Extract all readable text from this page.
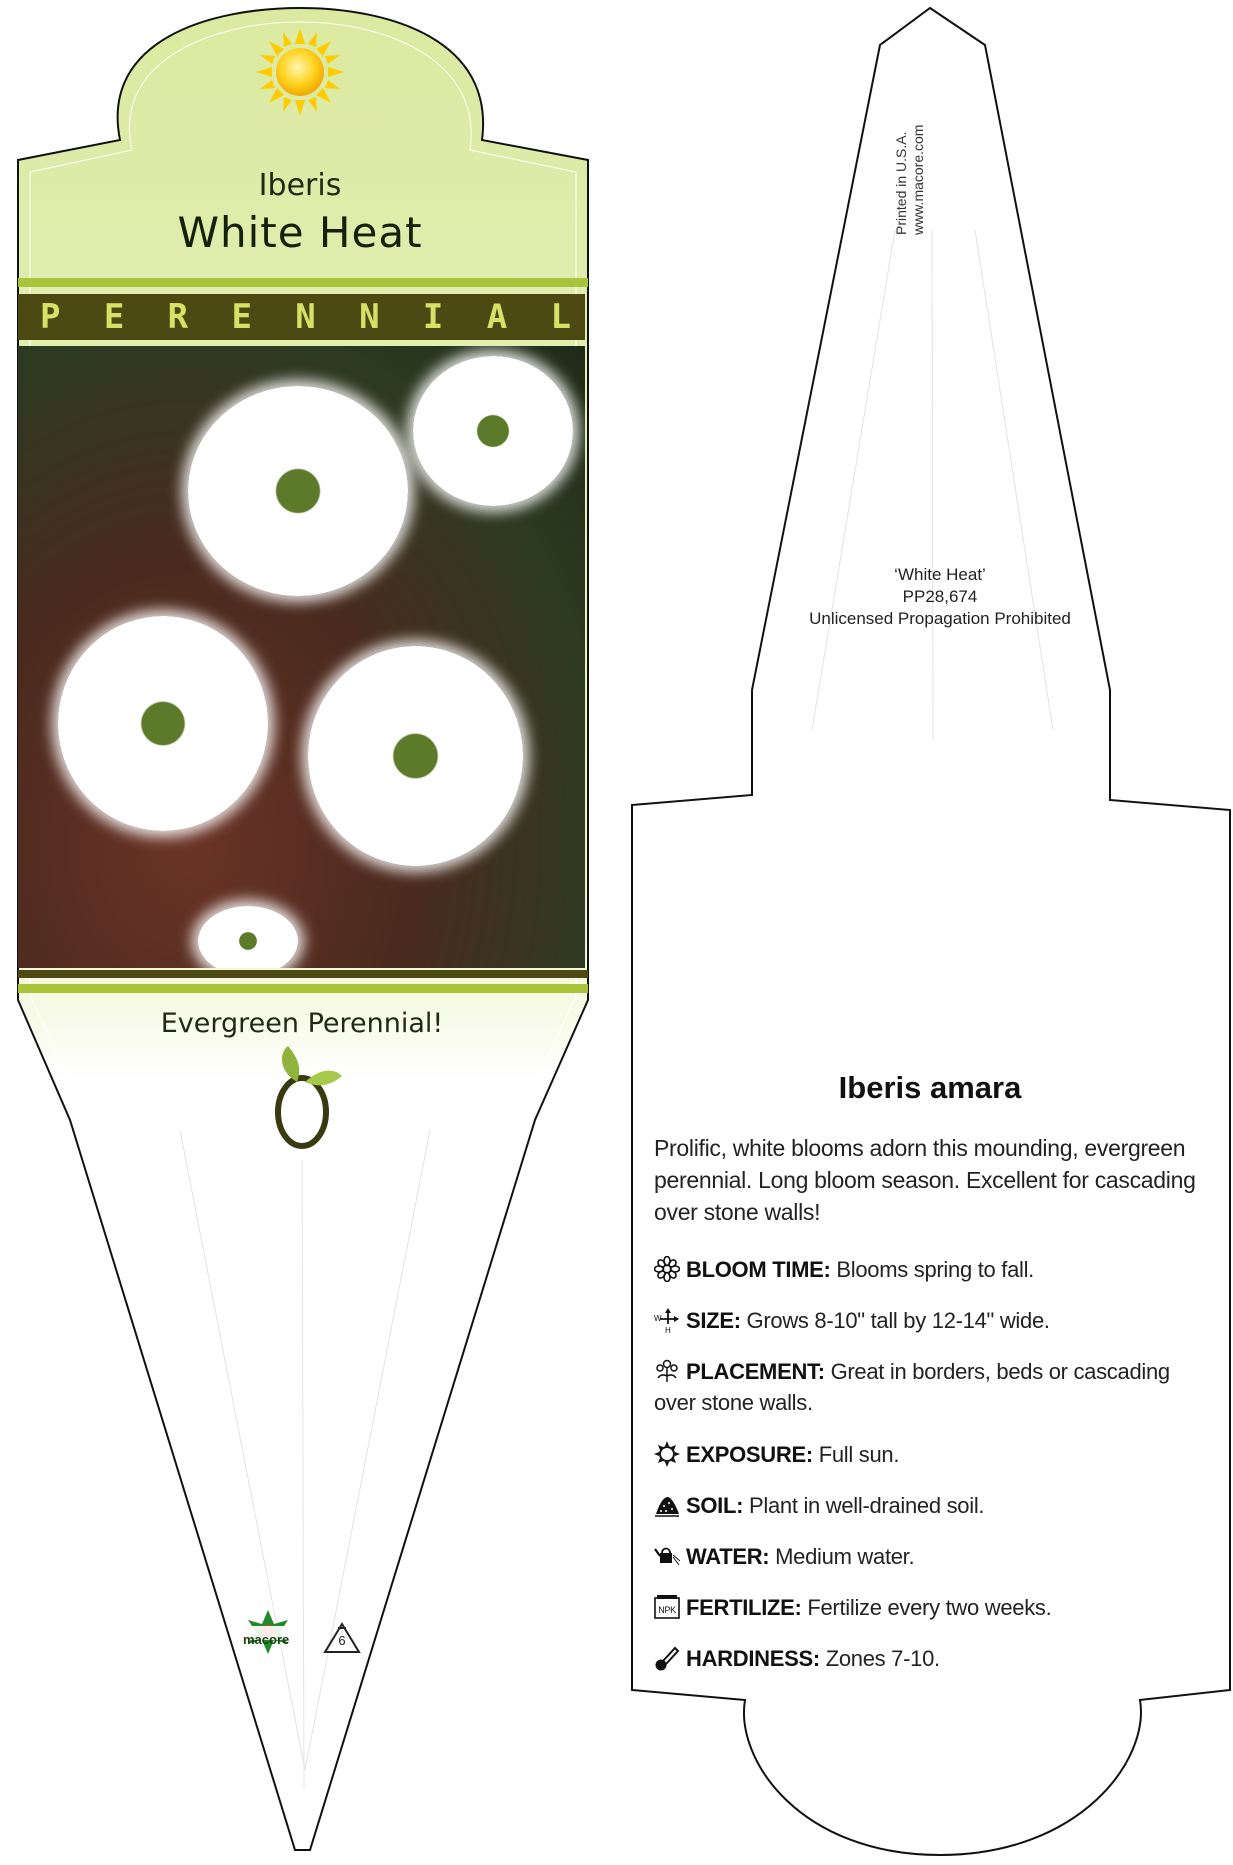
Iberis
White Heat
P E R E N N I A L
Evergreen Perennial!
macore	6
Printed in U.S.A. www.macore.com
‘White Heat’
PP28,674
Unlicensed Propagation Prohibited
Iberis amara
Prolific, white blooms adorn this mounding, evergreen perennial. Long bloom season. Excellent for cascading over stone walls!
BLOOM TIME: Blooms spring to fall.
W
H SIZE: Grows 8-10" tall by 12-14" wide.
PLACEMENT: Great in borders, beds or cascading over stone walls.
EXPOSURE: Full sun.
SOIL: Plant in well-drained soil.
WATER: Medium water.
NPK FERTILIZE: Fertilize every two weeks.
HARDINESS: Zones 7-10.
